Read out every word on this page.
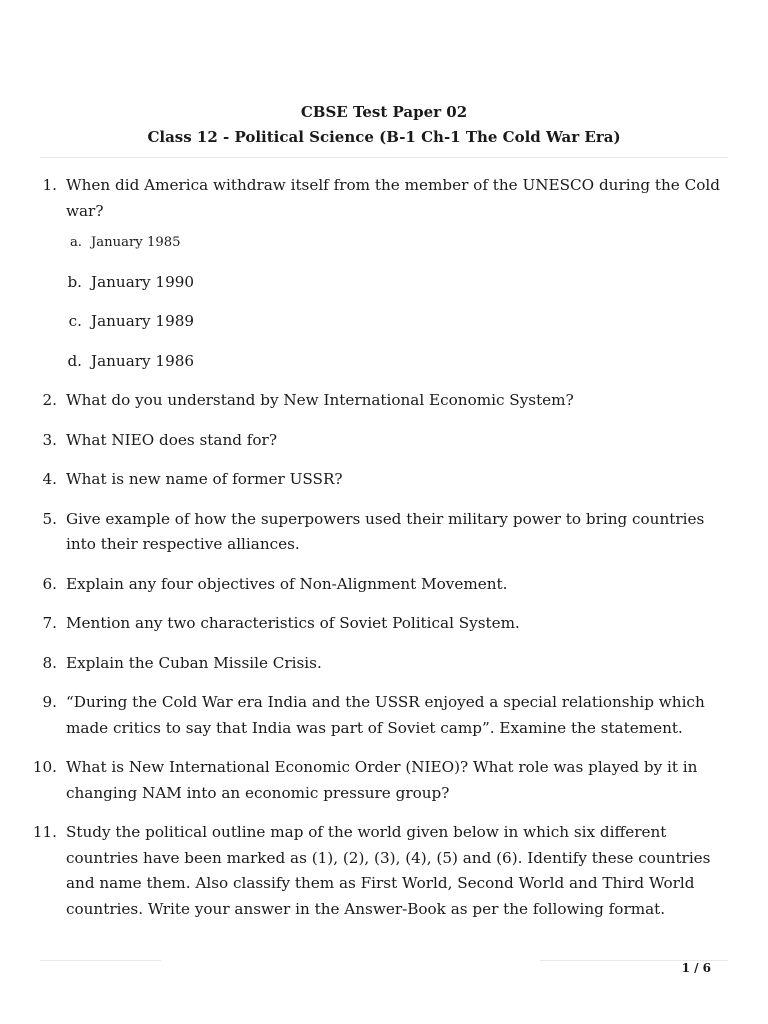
CBSE Test Paper 02
Class 12 - Political Science (B-1 Ch-1 The Cold War Era)
1. When did America withdraw itself from the member of the UNESCO during the Cold war?
a. January 1985
b. January 1990
c. January 1989
d. January 1986
2. What do you understand by New International Economic System?
3. What NIEO does stand for?
4. What is new name of former USSR?
5. Give example of how the superpowers used their military power to bring countries into their respective alliances.
6. Explain any four objectives of Non-Alignment Movement.
7. Mention any two characteristics of Soviet Political System.
8. Explain the Cuban Missile Crisis.
9. “During the Cold War era India and the USSR enjoyed a special relationship which made critics to say that India was part of Soviet camp”. Examine the statement.
10. What is New International Economic Order (NIEO)? What role was played by it in changing NAM into an economic pressure group?
11. Study the political outline map of the world given below in which six different countries have been marked as (1), (2), (3), (4), (5) and (6). Identify these countries and name them. Also classify them as First World, Second World and Third World countries. Write your answer in the Answer-Book as per the following format.
1 / 6
